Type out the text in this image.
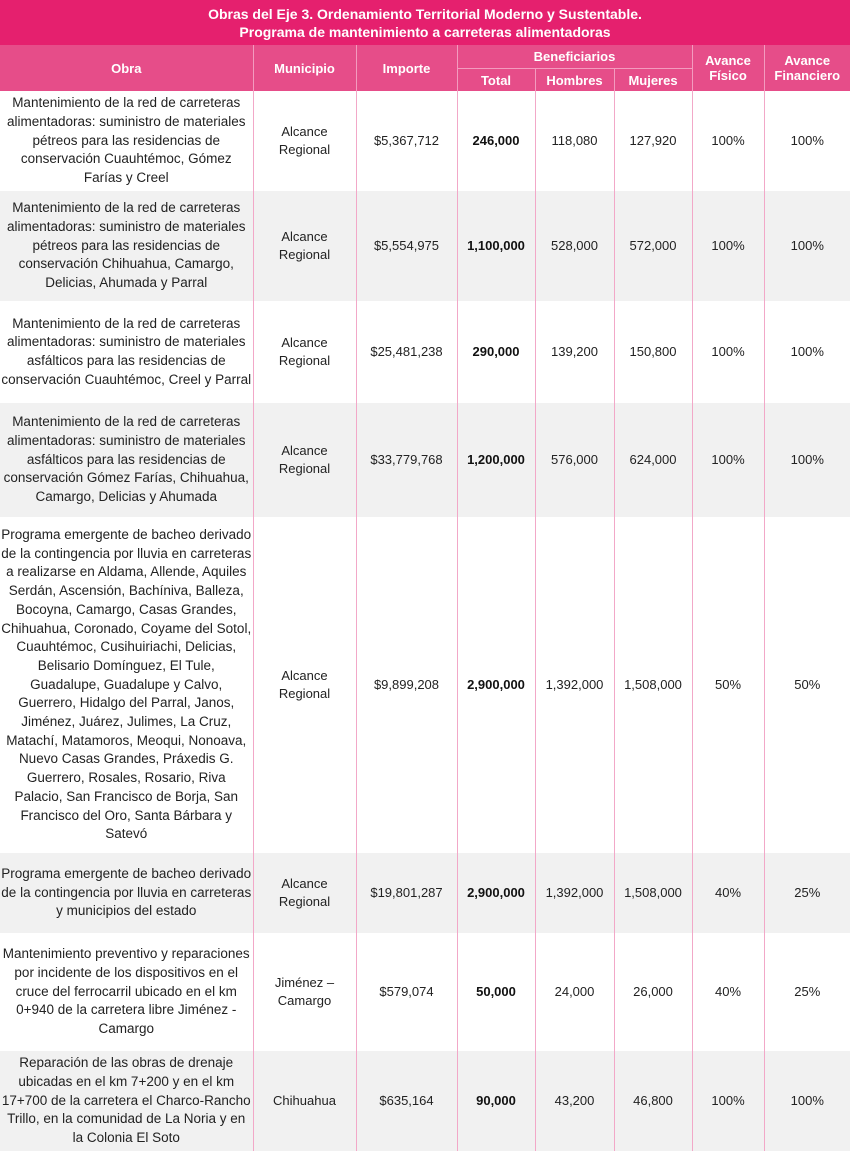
Obras del Eje 3. Ordenamiento Territorial Moderno y Sustentable.
Programa de mantenimiento a carreteras alimentadoras
Obra	Municipio	Importe	Beneficiarios			Avance Físico	Avance Financiero
			Total	Hombres	Mujeres		
Mantenimiento de la red de carreteras alimentadoras: suministro de materiales pétreos para las residencias de conservación Cuauhtémoc, Gómez Farías y Creel	Alcance Regional	$5,367,712	246,000	118,080	127,920	100%	100%
Mantenimiento de la red de carreteras alimentadoras: suministro de materiales pétreos para las residencias de conservación Chihuahua, Camargo, Delicias, Ahumada y Parral	Alcance Regional	$5,554,975	1,100,000	528,000	572,000	100%	100%
Mantenimiento de la red de carreteras alimentadoras: suministro de materiales asfálticos para las residencias de conservación Cuauhtémoc, Creel y Parral	Alcance Regional	$25,481,238	290,000	139,200	150,800	100%	100%
Mantenimiento de la red de carreteras alimentadoras: suministro de materiales asfálticos para las residencias de conservación Gómez Farías, Chihuahua, Camargo, Delicias y Ahumada	Alcance Regional	$33,779,768	1,200,000	576,000	624,000	100%	100%
Programa emergente de bacheo derivado de la contingencia por lluvia en carreteras a realizarse en Aldama, Allende, Aquiles Serdán, Ascensión, Bachíniva, Balleza, Bocoyna, Camargo, Casas Grandes, Chihuahua, Coronado, Coyame del Sotol, Cuauhtémoc, Cusihuiriachi, Delicias, Belisario Domínguez, El Tule, Guadalupe, Guadalupe y Calvo, Guerrero, Hidalgo del Parral, Janos, Jiménez, Juárez, Julimes, La Cruz, Matachí, Matamoros, Meoqui, Nonoava, Nuevo Casas Grandes, Práxedis G. Guerrero, Rosales, Rosario, Riva Palacio, San Francisco de Borja, San Francisco del Oro, Santa Bárbara y Satevó	Alcance Regional	$9,899,208	2,900,000	1,392,000	1,508,000	50%	50%
Programa emergente de bacheo derivado de la contingencia por lluvia en carreteras y municipios del estado	Alcance Regional	$19,801,287	2,900,000	1,392,000	1,508,000	40%	25%
Mantenimiento preventivo y reparaciones por incidente de los dispositivos en el cruce del ferrocarril ubicado en el km 0+940 de la carretera libre Jiménez - Camargo	Jiménez – Camargo	$579,074	50,000	24,000	26,000	40%	25%
Reparación de las obras de drenaje ubicadas en el km 7+200 y en el km 17+700 de la carretera el Charco-Rancho Trillo, en la comunidad de La Noria y en la Colonia El Soto	Chihuahua	$635,164	90,000	43,200	46,800	100%	100%
